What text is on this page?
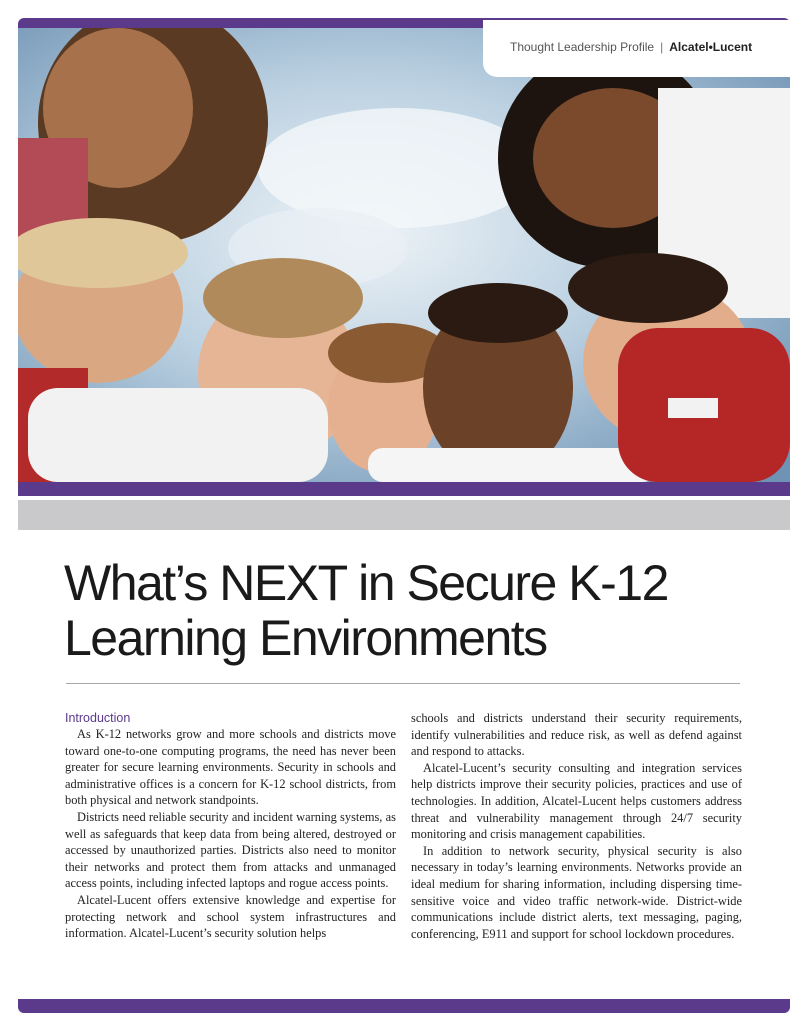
Thought Leadership Profile | Alcatel•Lucent
What’s NEXT in Secure K-12
Learning Environments
Introduction

As K-12 networks grow and more schools and districts move toward one-to-one computing programs, the need has never been greater for secure learning environments. Security in schools and administrative offices is a concern for K-12 school districts, from both physical and network standpoints.

Districts need reliable security and incident warning systems, as well as safeguards that keep data from being altered, destroyed or accessed by unauthorized parties. Districts also need to monitor their networks and protect them from attacks and unmanaged access points, including infected laptops and rogue access points.

Alcatel-Lucent offers extensive knowledge and expertise for protecting network and school system infrastructures and information. Alcatel-Lucent’s security solution helps

schools and districts understand their security requirements, identify vulnerabilities and reduce risk, as well as defend against and respond to attacks.

Alcatel-Lucent’s security consulting and integration services help districts improve their security policies, practices and use of technologies. In addition, Alcatel-Lucent helps customers address threat and vulnerability management through 24/7 security monitoring and crisis management capabilities.

In addition to network security, physical security is also necessary in today’s learning environments. Networks provide an ideal medium for sharing information, including dispersing time-sensitive voice and video traffic network-wide. District-wide communications include district alerts, text messaging, paging, conferencing, E911 and support for school lockdown procedures.
